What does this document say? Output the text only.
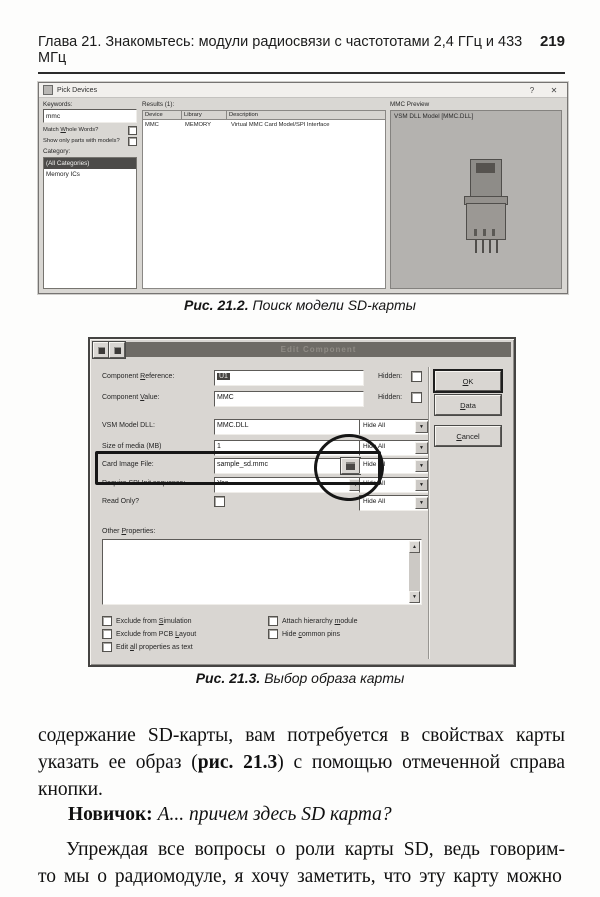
Глава 21. Знакомьтесь: модули радиосвязи с частототами 2,4 ГГц и 433 МГц
219
Pick Devices	?	✕
Keywords:
mmc
Match Whole Words?
Show only parts with models?
Category:
(All Categories)
Memory ICs
Results (1):
Device	Library	Description
MMC	MEMORY	Virtual MMC Card Model/SPI Interface
MMC Preview
VSM DLL Model [MMC.DLL]
Рис. 21.2. Поиск модели SD-карты
Edit Component
Component Reference:	U1	Hidden:	O K
Component Value:	MMC	Hidden:
D ata
VSM Model DLL:	MMC.DLL	Hide All	▼
C ancel
Size of media (MB)	1	Hide All	▼
Card Image File:	sample_sd.mmc	Hide All	▼
Require SPI Init sequence:	Yes	▼ Hide All	▼
Read Only?	Hide All	▼
Other Properties:
▲
▼
Exclude from Simulation
Exclude from PCB Layout
Edit all properties as text
Attach hierarchy module
Hide common pins
Рис. 21.3. Выбор образа карты

содержание SD-карты, вам потребуется в свойствах карты указать ее образ (рис. 21.3) с помощью отмеченной справа кнопки.

Новичок: А... причем здесь SD карта?

Упреждая все вопросы о роли карты SD, ведь говорим-то мы о радиомодуле, я хочу заметить, что эту карту можно
